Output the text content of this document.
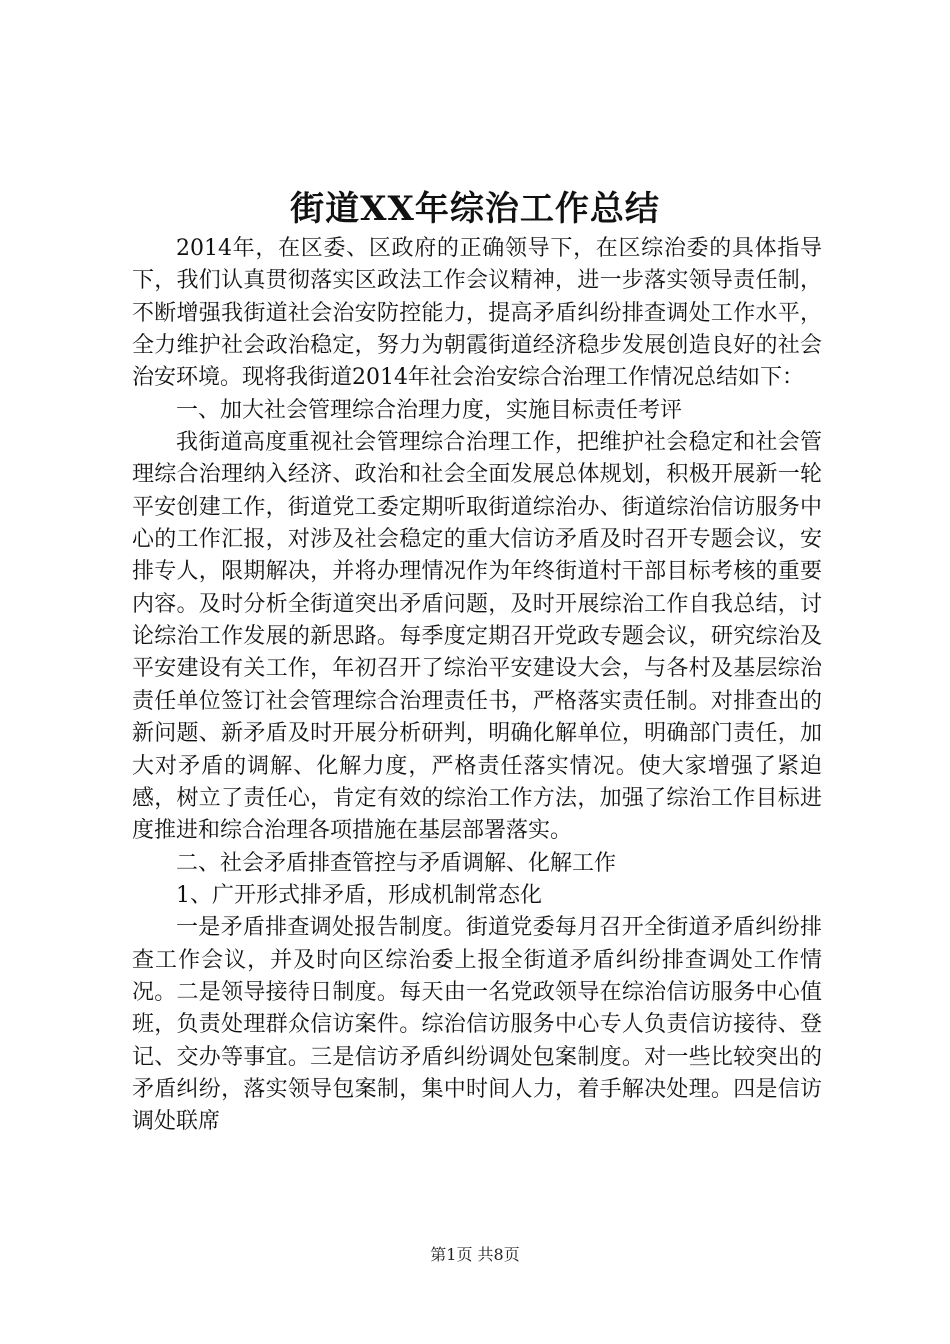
街道XX年综治工作总结

2014年，在区委、区政府的正确领导下，在区综治委的具体指导下，我们认真贯彻落实区政法工作会议精神，进一步落实领导责任制，不断增强我街道社会治安防控能力，提高矛盾纠纷排查调处工作水平，全力维护社会政治稳定，努力为朝霞街道经济稳步发展创造良好的社会治安环境。现将我街道2014年社会治安综合治理工作情况总结如下：

一、加大社会管理综合治理力度，实施目标责任考评

我街道高度重视社会管理综合治理工作，把维护社会稳定和社会管理综合治理纳入经济、政治和社会全面发展总体规划，积极开展新一轮平安创建工作，街道党工委定期听取街道综治办、街道综治信访服务中心的工作汇报，对涉及社会稳定的重大信访矛盾及时召开专题会议，安排专人，限期解决，并将办理情况作为年终街道村干部目标考核的重要内容。及时分析全街道突出矛盾问题，及时开展综治工作自我总结，讨论综治工作发展的新思路。每季度定期召开党政专题会议，研究综治及平安建设有关工作，年初召开了综治平安建设大会，与各村及基层综治责任单位签订社会管理综合治理责任书，严格落实责任制。对排查出的新问题、新矛盾及时开展分析研判，明确化解单位，明确部门责任，加大对矛盾的调解、化解力度，严格责任落实情况。使大家增强了紧迫感，树立了责任心，肯定有效的综治工作方法，加强了综治工作目标进度推进和综合治理各项措施在基层部署落实。

二、社会矛盾排查管控与矛盾调解、化解工作

1、广开形式排矛盾，形成机制常态化

一是矛盾排查调处报告制度。街道党委每月召开全街道矛盾纠纷排查工作会议，并及时向区综治委上报全街道矛盾纠纷排查调处工作情况。二是领导接待日制度。每天由一名党政领导在综治信访服务中心值班，负责处理群众信访案件。综治信访服务中心专人负责信访接待、登记、交办等事宜。三是信访矛盾纠纷调处包案制度。对一些比较突出的矛盾纠纷，落实领导包案制，集中时间人力，着手解决处理。四是信访调处联席

第1页 共8页
